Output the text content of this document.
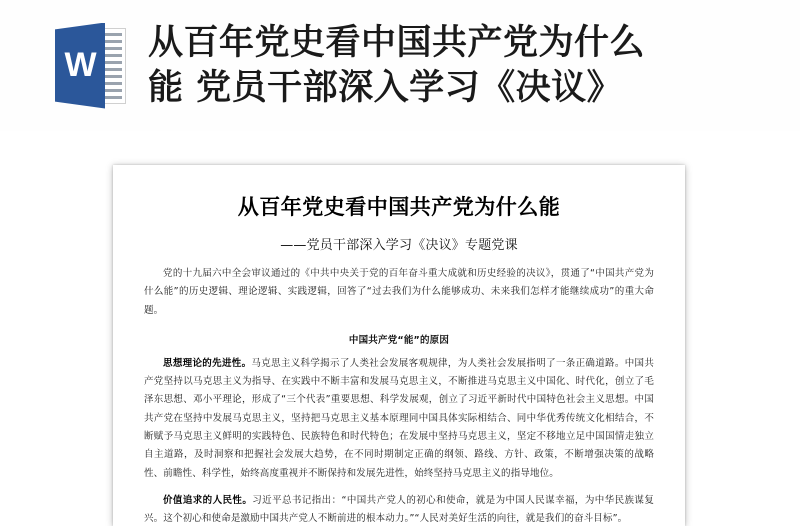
W
从百年党史看中国共产党为什么能 党员干部深入学习《决议》
从百年党史看中国共产党为什么能
——党员干部深入学习《决议》专题党课
党的十九届六中全会审议通过的《中共中央关于党的百年奋斗重大成就和历史经验的决议》，贯通了“中国共产党为什么能”的历史逻辑、理论逻辑、实践逻辑，回答了“过去我们为什么能够成功、未来我们怎样才能继续成功”的重大命题。
中国共产党“能”的原因
思想理论的先进性。马克思主义科学揭示了人类社会发展客观规律，为人类社会发展指明了一条正确道路。中国共产党坚持以马克思主义为指导、在实践中不断丰富和发展马克思主义，不断推进马克思主义中国化、时代化，创立了毛泽东思想、邓小平理论，形成了“三个代表”重要思想、科学发展观，创立了习近平新时代中国特色社会主义思想。中国共产党在坚持中发展马克思主义，坚持把马克思主义基本原理同中国具体实际相结合、同中华优秀传统文化相结合，不断赋予马克思主义鲜明的实践特色、民族特色和时代特色；在发展中坚持马克思主义，坚定不移地立足中国国情走独立自主道路，及时洞察和把握社会发展大趋势，在不同时期制定正确的纲领、路线、方针、政策，不断增强决策的战略性、前瞻性、科学性，始终高度重视并不断保持和发展先进性，始终坚持马克思主义的指导地位。
价值追求的人民性。习近平总书记指出：“中国共产党人的初心和使命，就是为中国人民谋幸福，为中华民族谋复兴。这个初心和使命是激励中国共产党人不断前进的根本动力。”“人民对美好生活的向往，就是我们的奋斗目标”。
